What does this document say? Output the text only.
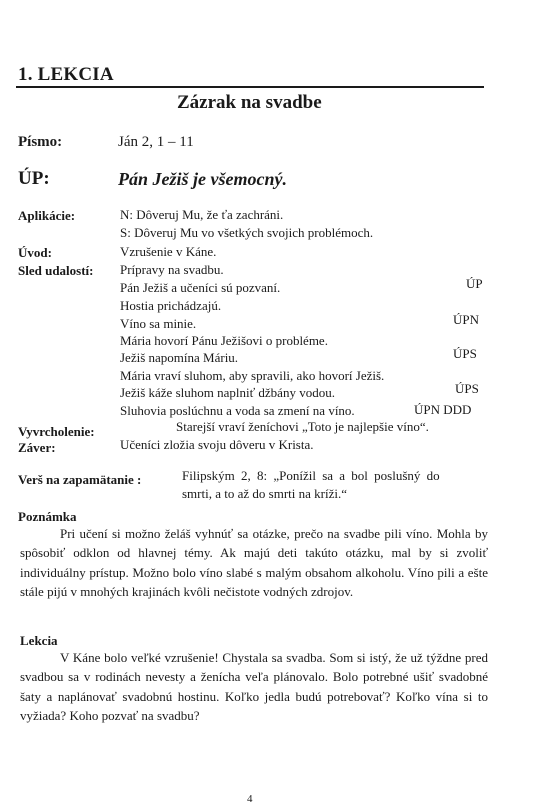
1. LEKCIA
Zázrak na svadbe
Písmo:	Ján 2, 1 – 11
ÚP:	Pán Ježiš je všemocný.
Aplikácie:	N: Dôveruj Mu, že ťa zachráni.
S: Dôveruj Mu vo všetkých svojich problémoch.
Úvod:	Vzrušenie v Káne.
Sled udalostí: Prípravy na svadbu.
Pán Ježiš a učeníci sú pozvaní.	ÚP
Hostia prichádzajú.
Víno sa minie.	ÚPN
Mária hovorí Pánu Ježišovi o probléme.
Ježiš napomína Máriu.	ÚPS
Mária vraví sluhom, aby spravili, ako hovorí Ježiš.
Ježiš káže sluhom naplniť džbány vodou.	ÚPS
Sluhovia poslúchnu a voda sa zmení na víno.	ÚPN DDD
Vyvrcholenie:	Starejší vraví ženíchovi „Toto je najlepšie víno“.
Záver:	Učeníci zložia svoju dôveru v Krista.
Verš na zapamätanie :	Filipským 2, 8: „Ponížil sa a bol poslušný do
smrti, a to až do smrti na kríži.“
Poznámka
Pri učení si možno želáš vyhnúť sa otázke, prečo na svadbe pili víno. Mohla by spôsobiť odklon od hlavnej témy. Ak majú deti takúto otázku, mal by si zvoliť individuálny prístup. Možno bolo víno slabé s malým obsahom alkoholu. Víno pili a ešte stále pijú v mnohých krajinách kvôli nečistote vodných zdrojov.
Lekcia
V Káne bolo veľké vzrušenie! Chystala sa svadba. Som si istý, že už týždne pred svadbou sa v rodinách nevesty a ženícha veľa plánovalo. Bolo potrebné ušiť svadobné šaty a naplánovať svadobnú hostinu. Koľko jedla budú potrebovať? Koľko vína si to vyžiada? Koho pozvať na svadbu?
4
